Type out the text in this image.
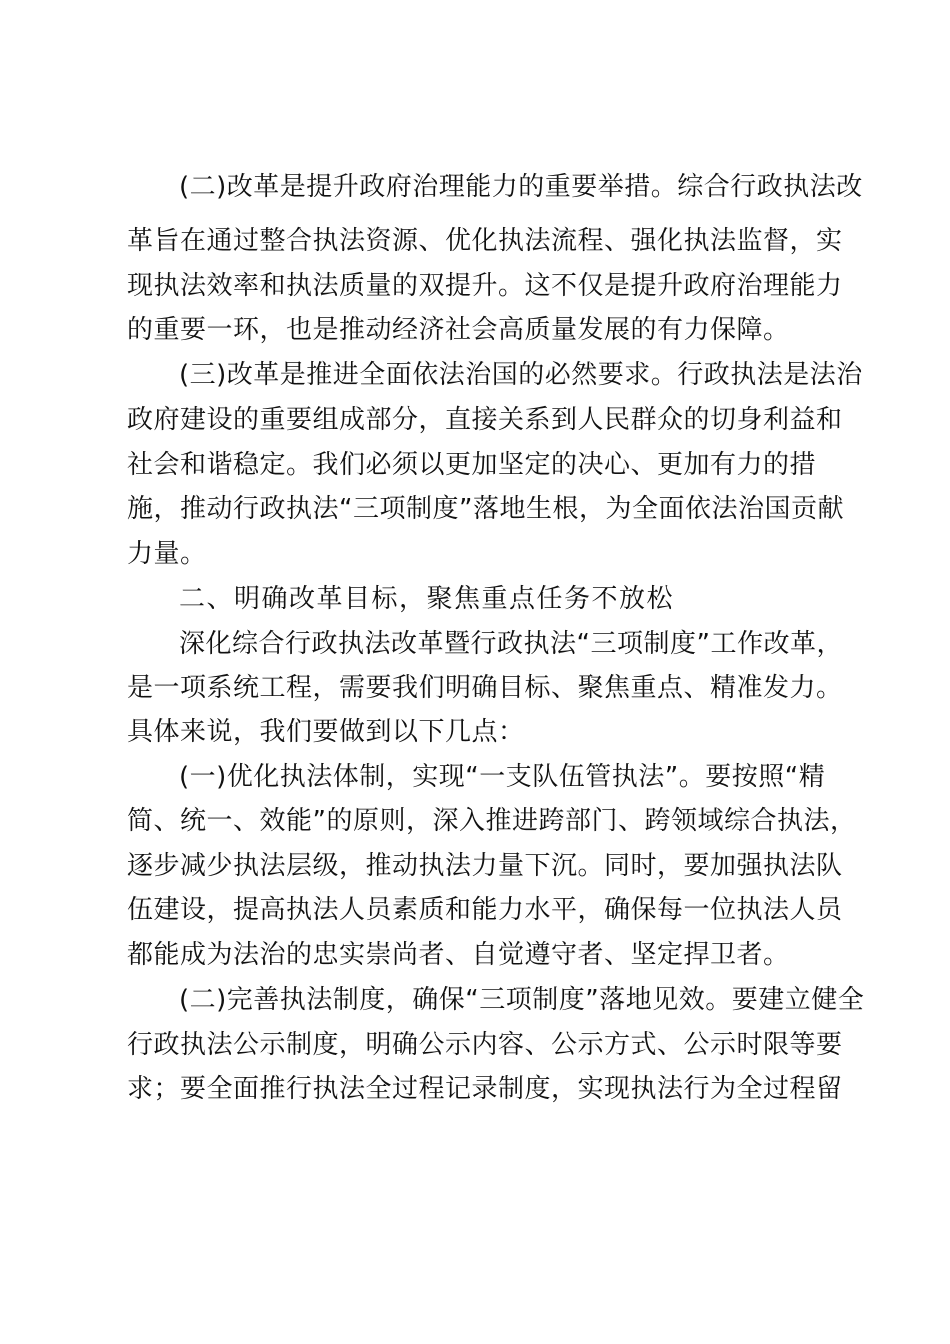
(二)改革是提升政府治理能力的重要举措。综合行政执法改
革旨在通过整合执法资源、优化执法流程、强化执法监督，实
现执法效率和执法质量的双提升。这不仅是提升政府治理能力
的重要一环，也是推动经济社会高质量发展的有力保障。
(三)改革是推进全面依法治国的必然要求。行政执法是法治
政府建设的重要组成部分，直接关系到人民群众的切身利益和
社会和谐稳定。我们必须以更加坚定的决心、更加有力的措
施，推动行政执法“三项制度”落地生根，为全面依法治国贡献
力量。
二、明确改革目标，聚焦重点任务不放松
深化综合行政执法改革暨行政执法“三项制度”工作改革，
是一项系统工程，需要我们明确目标、聚焦重点、精准发力。
具体来说，我们要做到以下几点：
(一)优化执法体制，实现“一支队伍管执法”。要按照“精
简、统一、效能”的原则，深入推进跨部门、跨领域综合执法，
逐步减少执法层级，推动执法力量下沉。同时，要加强执法队
伍建设，提高执法人员素质和能力水平，确保每一位执法人员
都能成为法治的忠实崇尚者、自觉遵守者、坚定捍卫者。
(二)完善执法制度，确保“三项制度”落地见效。要建立健全
行政执法公示制度，明确公示内容、公示方式、公示时限等要
求；要全面推行执法全过程记录制度，实现执法行为全过程留
